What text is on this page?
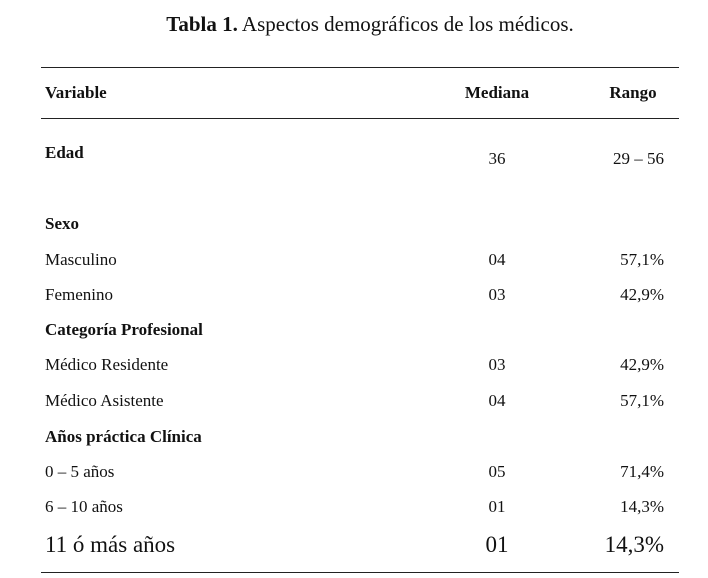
Tabla 1. Aspectos demográficos de los médicos.
Variable	Mediana	Rango
Edad	36	29 – 56
Sexo
Masculino	04	57,1%
Femenino	03	42,9%
Categoría Profesional
Médico Residente	03	42,9%
Médico Asistente	04	57,1%
Años práctica Clínica
0 – 5 años	05	71,4%
6 – 10 años	01	14,3%
11 ó más años	01	14,3%
